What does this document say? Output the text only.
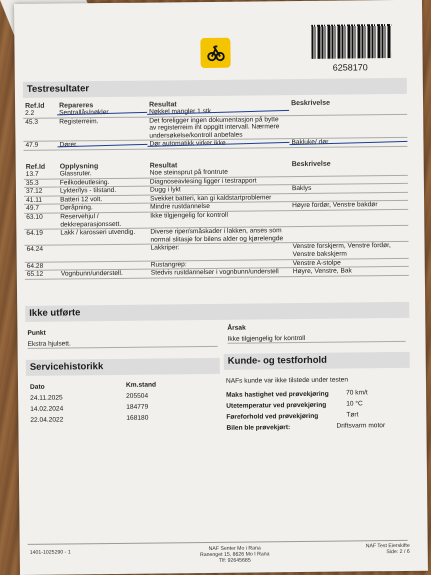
6258170
Testresultater
Ref.Id	Repareres	Resultat	Beskrivelse
2.2	Sentrallås/nøkler	Nøkkel mangler 1 stk	
45.3	Registerreim.	Det foreligger ingen dokumentasjon på bytte av registerreim iht oppgitt intervall. Nærmere undersøkelse/kontroll anbefales	
47.9	Dører.	Dør automatikk virker ikke	Bakluke/ dør
Ref.Id	Opplysning	Resultat	Beskrivelse
13.7	Glassruter.	Noe steinsprut på frontrute	
35.3	Feilkodeutlesing.	Diagnoseavlesing ligger i testrapport	
37.12	Lykter/lys - tilstand.	Dugg i lykt	Baklys
41.11	Batteri 12 volt.	Svekket batteri, kan gi kaldstartproblemer	
49.7	Døråpning.	Mindre rustdannelse	Høyre fordør, Venstre bakdør
63.10	Reservehjul / dekkreparasjonssett.	Ikke tilgjengelig for kontroll	
64.19	Lakk / karosseri utvendig.	Diverse riper/småskader i lakken, anses som normal slitasje for bilens alder og kjørelengde	
64.24		Lakkriper:	Venstre forskjerm, Venstre fordør, Venstre bakskjerm
64.28		Rustangrep:	Venstre A-stolpe
65.12	Vognbunn/understell.	Stedvis rustdannelser i vognbunn/understell	Høyre, Venstre, Bak
Ikke utførte
Punkt
Årsak
Ekstra hjulsett.
Ikke tilgjengelig for kontroll
Servicehistorikk
Dato	Km.stand
24.11.2025	205504
14.02.2024	184779
22.04.2022	168180
Kunde- og testforhold
NAFs kunde var ikke tilstede under testen
Maks hastighet ved prøvekjøring	70 km/t
Utetemperatur ved prøvekjøring	10 °C
Føreforhold ved prøvekjøring	Tørt
Bilen ble prøvekjørt:	Driftsvarm motor
1401-1025290 - 1
NAF Senter Mo i Rana
Ranenget 15, 8626 Mo I Rana
Tlf: 92645685
NAF Test Eierskifte
Side: 2 / 6
